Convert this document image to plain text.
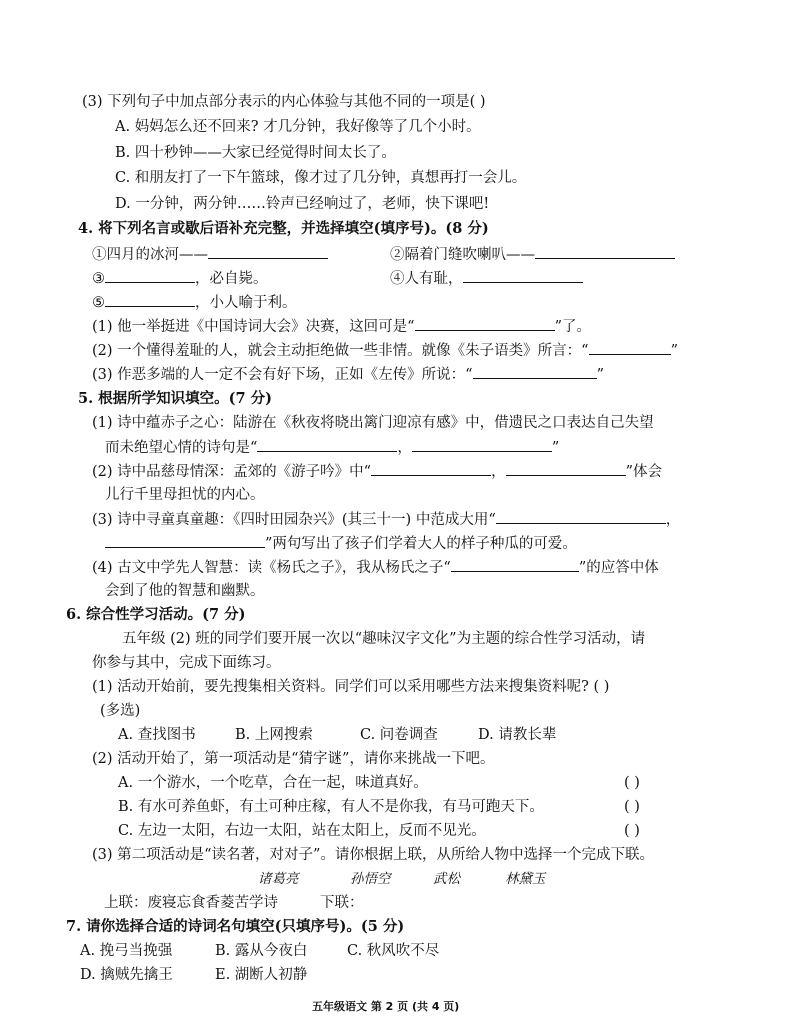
(3) 下列句子中加点部分表示的内心体验与其他不同的一项是( )
A. 妈妈怎么还不回来? 才几分钟，我好像等了几个小时。
B. 四十秒钟——大家已经觉得时间太长了。
C. 和朋友打了一下午篮球，像才过了几分钟，真想再打一会儿。
D. 一分钟，两分钟……铃声已经响过了，老师，快下课吧!
4. 将下列名言或歇后语补充完整，并选择填空(填序号)。(8 分)
①四月的冰河——	②隔着门缝吹喇叭——
③	，必自毙。	④人有耻，
⑤	，小人喻于利。
(1) 他一举挺进《中国诗词大会》决赛，这回可是“	”了。
(2) 一个懂得羞耻的人，就会主动拒绝做一些非情。就像《朱子语类》所言：“	”
(3) 作恶多端的人一定不会有好下场，正如《左传》所说：“	”
5. 根据所学知识填空。(7 分)
(1) 诗中蕴赤子之心：陆游在《秋夜将晓出篱门迎凉有感》中，借遗民之口表达自己失望
而未绝望心情的诗句是“	，	”
(2) 诗中品慈母情深：孟郊的《游子吟》中“	，	”体会
儿行千里母担忧的内心。
(3) 诗中寻童真童趣：《四时田园杂兴》(其三十一) 中范成大用“	，
”两句写出了孩子们学着大人的样子种瓜的可爱。
(4) 古文中学先人智慧：读《杨氏之子》，我从杨氏之子“	”的应答中体
会到了他的智慧和幽默。
6. 综合性学习活动。(7 分)
五年级 (2) 班的同学们要开展一次以“趣味汉字文化”为主题的综合性学习活动，请
你参与其中，完成下面练习。
(1) 活动开始前，要先搜集相关资料。同学们可以采用哪些方法来搜集资料呢? ( )
(多选)
A. 查找图书	B. 上网搜索	C. 问卷调查	D. 请教长辈
(2) 活动开始了，第一项活动是“猜字谜”，请你来挑战一下吧。
A. 一个游水，一个吃草，合在一起，味道真好。	( )
B. 有水可养鱼虾，有土可种庄稼，有人不是你我，有马可跑天下。	( )
C. 左边一太阳，右边一太阳，站在太阳上，反而不见光。	( )
(3) 第二项活动是“读名著，对对子”。请你根据上联，从所给人物中选择一个完成下联。
诸葛亮	孙悟空	武松	林黛玉
上联：废寝忘食香菱苦学诗	下联：
7. 请你选择合适的诗词名句填空(只填序号)。(5 分)
A. 挽弓当挽强	B. 露从今夜白	C. 秋风吹不尽
D. 擒贼先擒王	E. 湖断人初静
五年级语文 第 2 页 (共 4 页)
